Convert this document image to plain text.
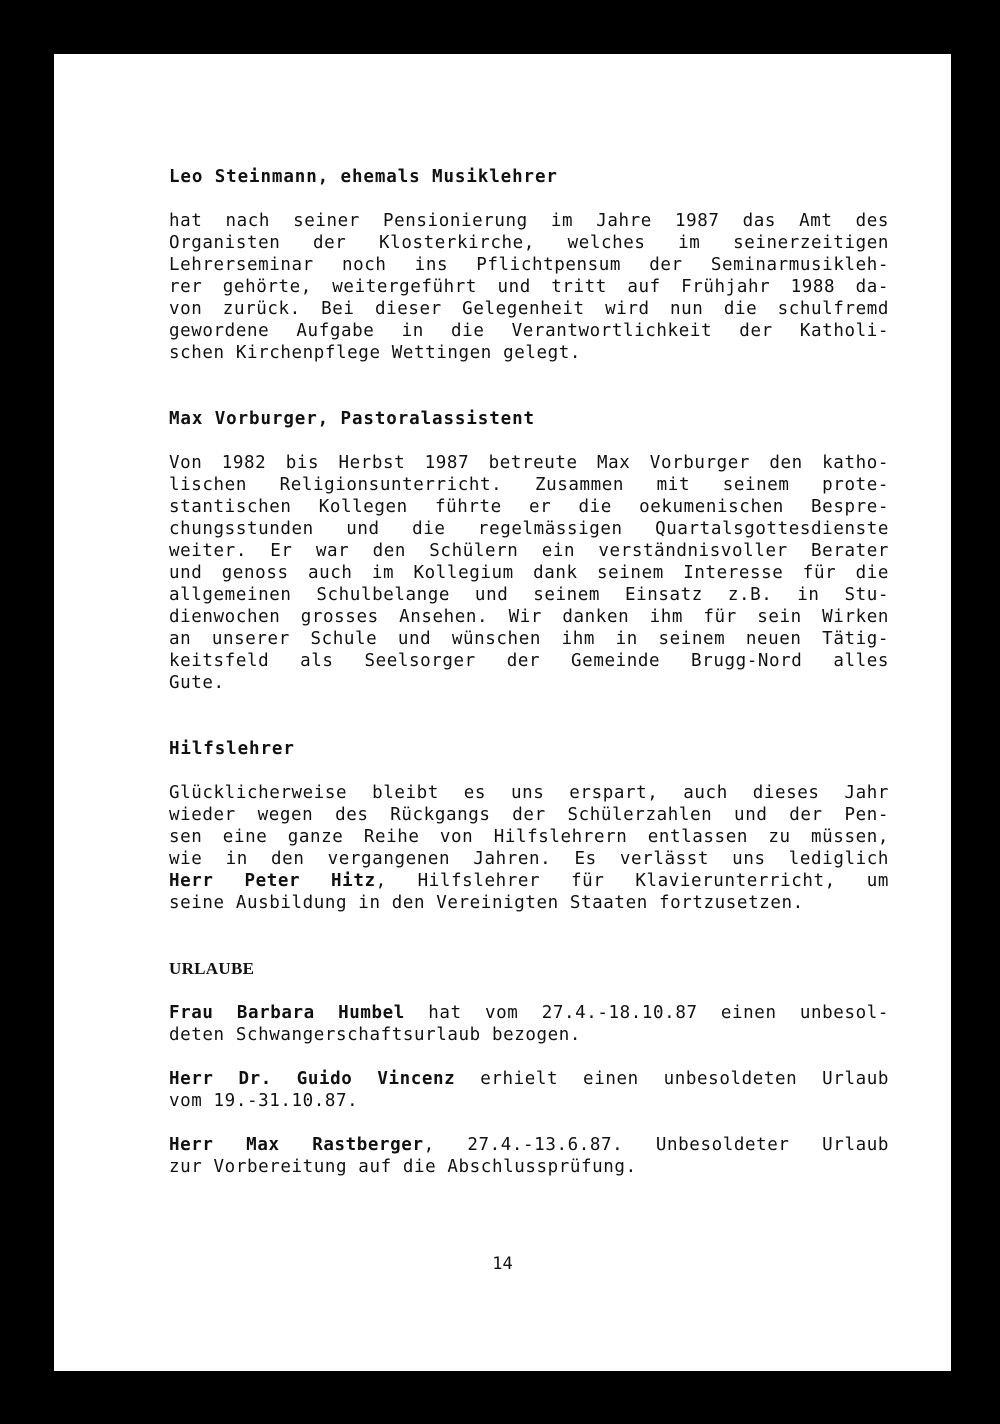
Leo Steinmann, ehemals Musiklehrer
hat nach seiner Pensionierung im Jahre 1987 das Amt des
Organisten der Klosterkirche, welches im seinerzeitigen
Lehrerseminar noch ins Pflichtpensum der Seminarmusikleh-
rer gehörte, weitergeführt und tritt auf Frühjahr 1988 da-
von zurück. Bei dieser Gelegenheit wird nun die schulfremd
gewordene Aufgabe in die Verantwortlichkeit der Katholi-
schen Kirchenpflege Wettingen gelegt.
Max Vorburger, Pastoralassistent
Von 1982 bis Herbst 1987 betreute Max Vorburger den katho-
lischen Religionsunterricht. Zusammen mit seinem prote-
stantischen Kollegen führte er die oekumenischen Bespre-
chungsstunden und die regelmässigen Quartalsgottesdienste
weiter. Er war den Schülern ein verständnisvoller Berater
und genoss auch im Kollegium dank seinem Interesse für die
allgemeinen Schulbelange und seinem Einsatz z.B. in Stu-
dienwochen grosses Ansehen. Wir danken ihm für sein Wirken
an unserer Schule und wünschen ihm in seinem neuen Tätig-
keitsfeld als Seelsorger der Gemeinde Brugg-Nord alles
Gute.
Hilfslehrer
Glücklicherweise bleibt es uns erspart, auch dieses Jahr
wieder wegen des Rückgangs der Schülerzahlen und der Pen-
sen eine ganze Reihe von Hilfslehrern entlassen zu müssen,
wie in den vergangenen Jahren. Es verlässt uns lediglich
Herr Peter Hitz, Hilfslehrer für Klavierunterricht, um
seine Ausbildung in den Vereinigten Staaten fortzusetzen.
URLAUBE
Frau Barbara Humbel hat vom 27.4.-18.10.87 einen unbesol-
deten Schwangerschaftsurlaub bezogen.
Herr Dr. Guido Vincenz erhielt einen unbesoldeten Urlaub
vom 19.-31.10.87.
Herr Max Rastberger, 27.4.-13.6.87. Unbesoldeter Urlaub
zur Vorbereitung auf die Abschlussprüfung.
14
